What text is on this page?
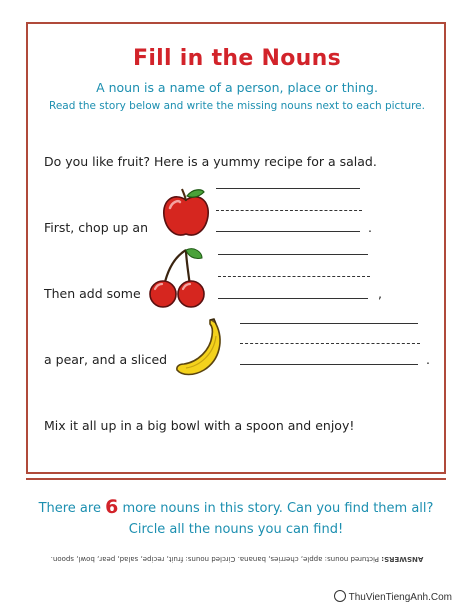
Fill in the Nouns
A noun is a name of a person, place or thing.
Read the story below and write the missing nouns next to each picture.
Do you like fruit? Here is a yummy recipe for a salad.
First, chop up an	.
Then add some	,
a pear, and a sliced	.
Mix it all up in a big bowl with a spoon and enjoy!
There are 6 more nouns in this story. Can you find them all?
Circle all the nouns you can find!
ANSWERS: Pictured nouns: apple, cherries, banana. Circled nouns: fruit, recipe, salad, pear, bowl, spoon.
ThuVienTiengAnh.Com
